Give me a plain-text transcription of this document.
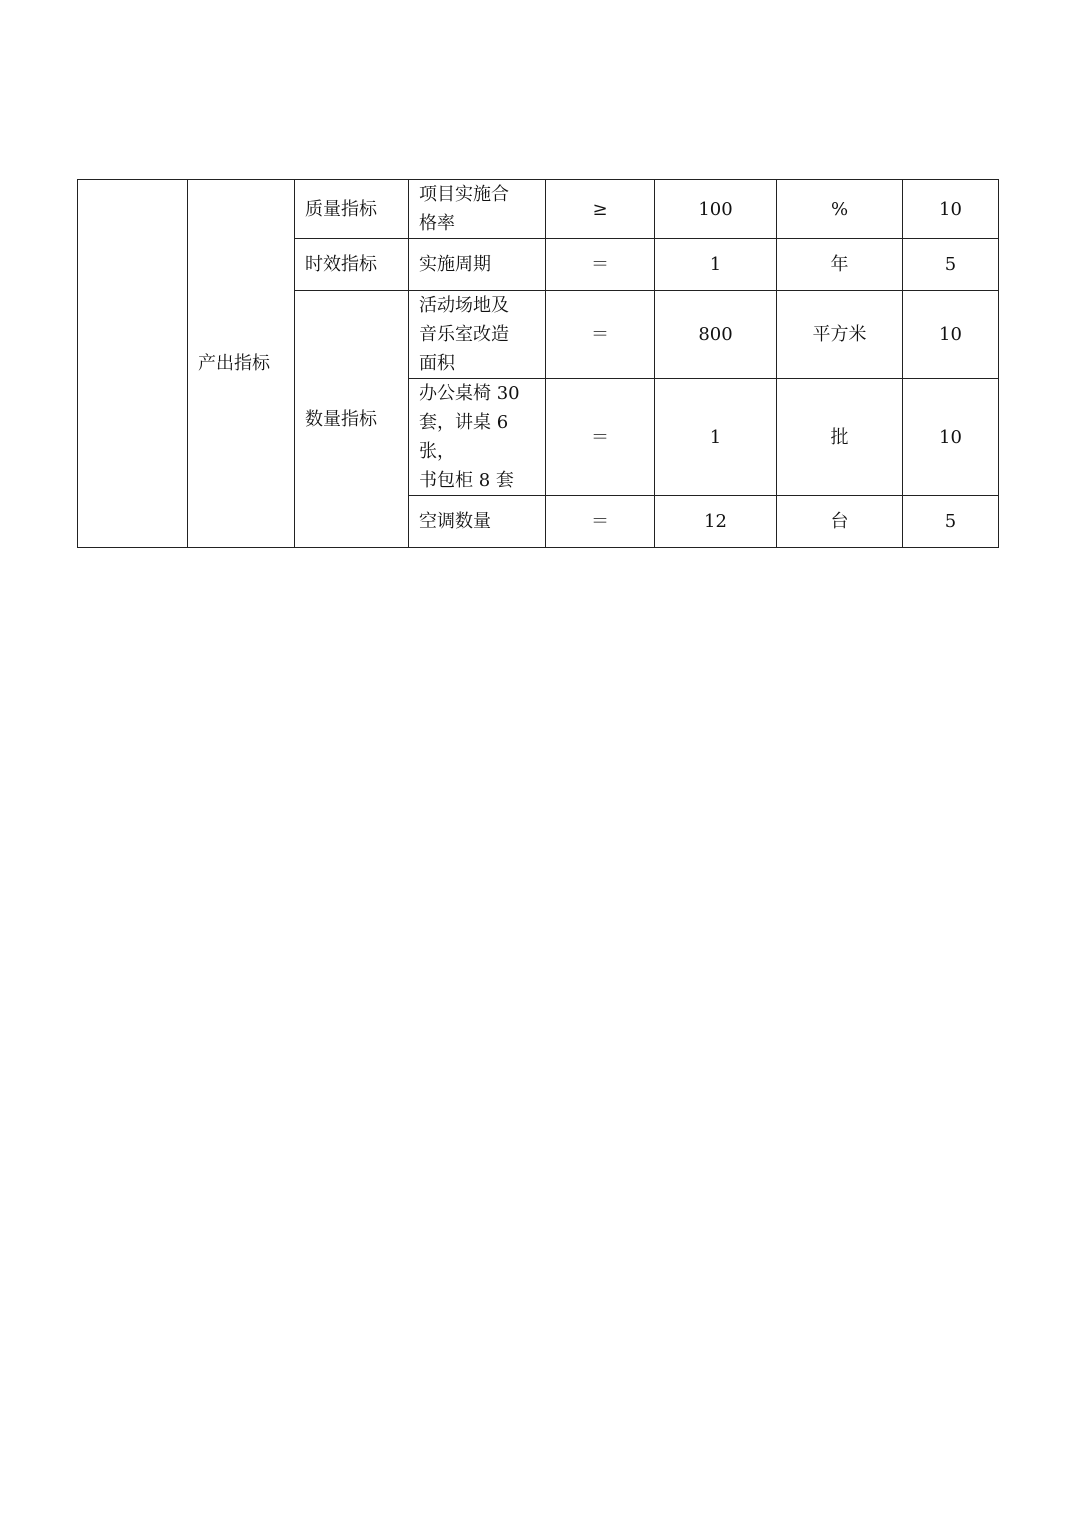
	产出指标	质量指标	项目实施合
格率	≥	100	%	10
		时效指标	实施周期	＝	1	年	5
		数量指标	活动场地及
音乐室改造
面积	＝	800	平方米	10
			办公桌椅 30
套，讲桌 6 张，
书包柜 8 套	＝	1	批	10
			空调数量	＝	12	台	5
